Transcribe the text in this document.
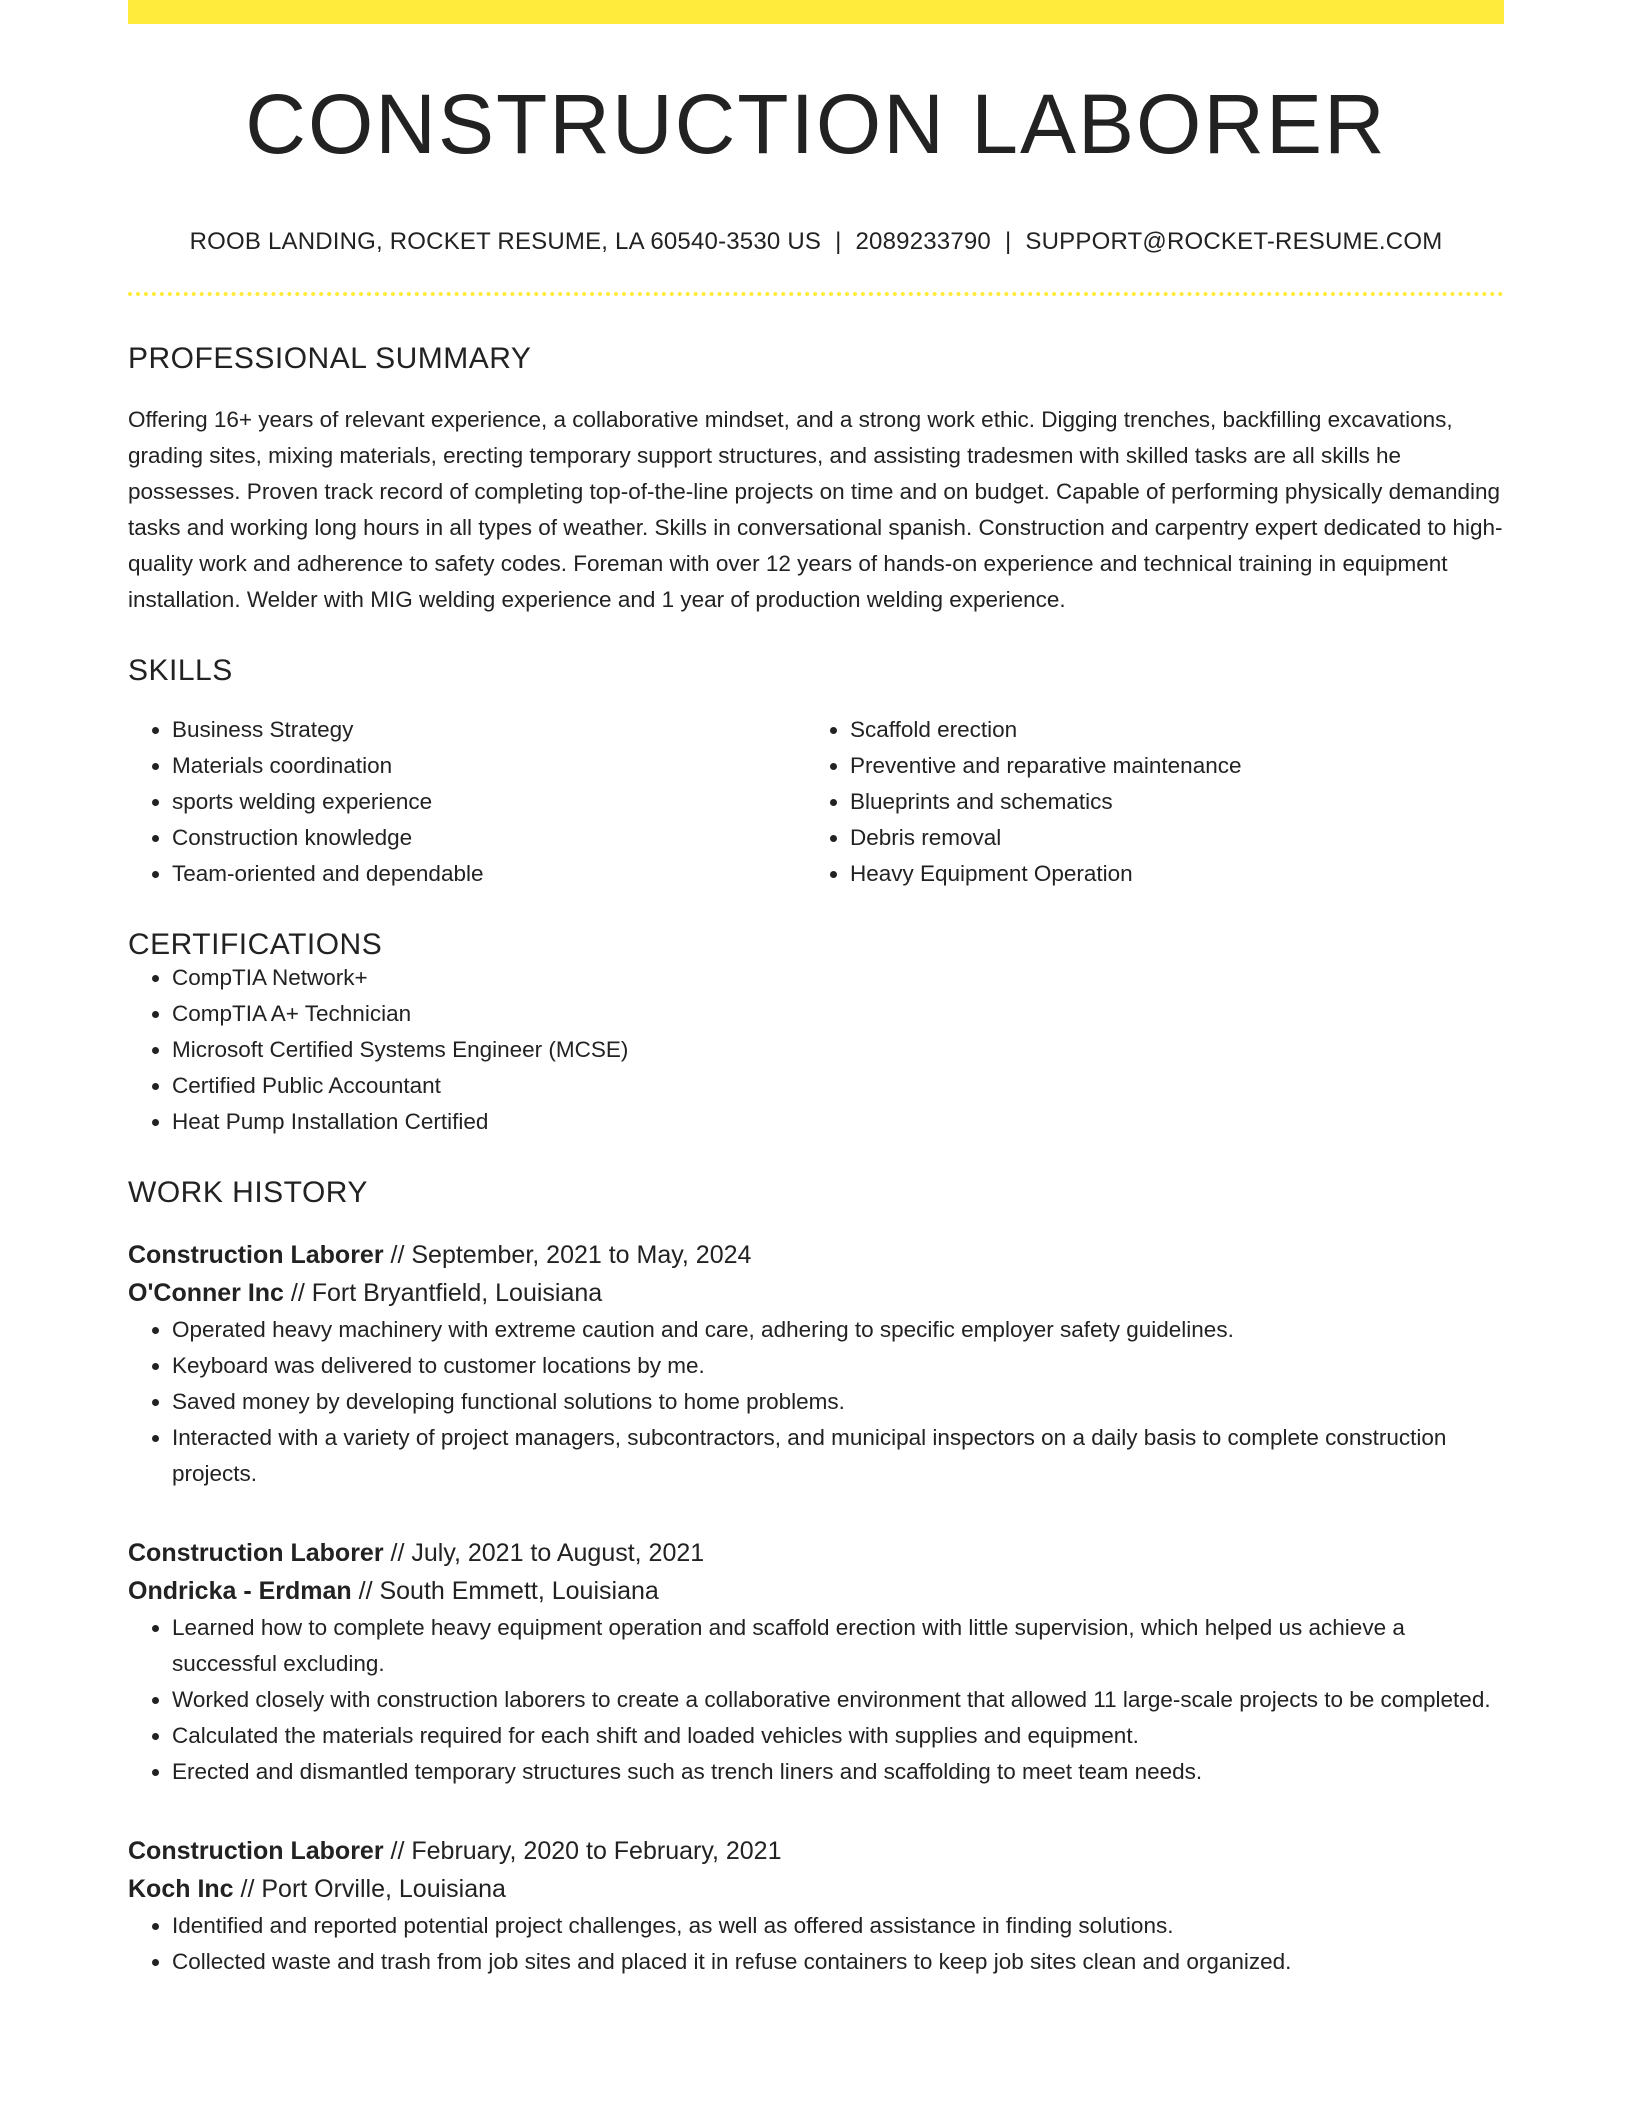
CONSTRUCTION LABORER
ROOB LANDING, ROCKET RESUME, LA 60540-3530 US | 2089233790 | SUPPORT@ROCKET-RESUME.COM
PROFESSIONAL SUMMARY

Offering 16+ years of relevant experience, a collaborative mindset, and a strong work ethic. Digging trenches, backfilling excavations, grading sites, mixing materials, erecting temporary support structures, and assisting tradesmen with skilled tasks are all skills he possesses. Proven track record of completing top-of-the-line projects on time and on budget. Capable of performing physically demanding tasks and working long hours in all types of weather. Skills in conversational spanish. Construction and carpentry expert dedicated to high-quality work and adherence to safety codes. Foreman with over 12 years of hands-on experience and technical training in equipment installation. Welder with MIG welding experience and 1 year of production welding experience.

SKILLS
• Business Strategy
• Materials coordination
• sports welding experience
• Construction knowledge
• Team-oriented and dependable
• Scaffold erection
• Preventive and reparative maintenance
• Blueprints and schematics
• Debris removal
• Heavy Equipment Operation
CERTIFICATIONS
• CompTIA Network+
• CompTIA A+ Technician
• Microsoft Certified Systems Engineer (MCSE)
• Certified Public Accountant
• Heat Pump Installation Certified
WORK HISTORY
Construction Laborer // September, 2021 to May, 2024
O'Conner Inc // Fort Bryantfield, Louisiana
• Operated heavy machinery with extreme caution and care, adhering to specific employer safety guidelines.
• Keyboard was delivered to customer locations by me.
• Saved money by developing functional solutions to home problems.
• Interacted with a variety of project managers, subcontractors, and municipal inspectors on a daily basis to complete construction projects.
Construction Laborer // July, 2021 to August, 2021
Ondricka - Erdman // South Emmett, Louisiana
• Learned how to complete heavy equipment operation and scaffold erection with little supervision, which helped us achieve a successful excluding.
• Worked closely with construction laborers to create a collaborative environment that allowed 11 large-scale projects to be completed.
• Calculated the materials required for each shift and loaded vehicles with supplies and equipment.
• Erected and dismantled temporary structures such as trench liners and scaffolding to meet team needs.
Construction Laborer // February, 2020 to February, 2021
Koch Inc // Port Orville, Louisiana
• Identified and reported potential project challenges, as well as offered assistance in finding solutions.
• Collected waste and trash from job sites and placed it in refuse containers to keep job sites clean and organized.
